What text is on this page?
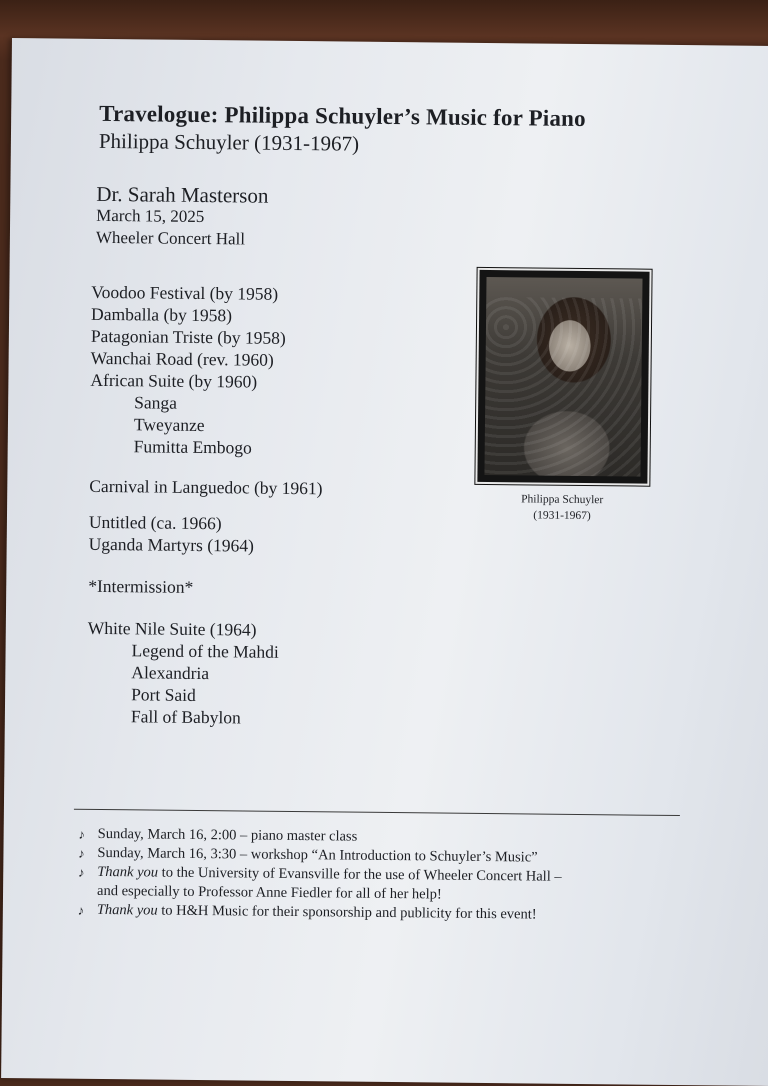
Travelogue: Philippa Schuyler’s Music for Piano
Philippa Schuyler (1931-1967)
Dr. Sarah Masterson
March 15, 2025
Wheeler Concert Hall
Voodoo Festival (by 1958)
Damballa (by 1958)
Patagonian Triste (by 1958)
Wanchai Road (rev. 1960)
African Suite (by 1960)
Sanga
Tweyanze
Fumitta Embogo
Carnival in Languedoc (by 1961)
Untitled (ca. 1966)
Uganda Martyrs (1964)
*Intermission*
White Nile Suite (1964)
Legend of the Mahdi
Alexandria
Port Said
Fall of Babylon
Philippa Schuyler
(1931-1967)
♪ Sunday, March 16, 2:00 – piano master class
♪ Sunday, March 16, 3:30 – workshop “An Introduction to Schuyler’s Music”
♪ Thank you to the University of Evansville for the use of Wheeler Concert Hall –
and especially to Professor Anne Fiedler for all of her help!
♪ Thank you to H&H Music for their sponsorship and publicity for this event!
